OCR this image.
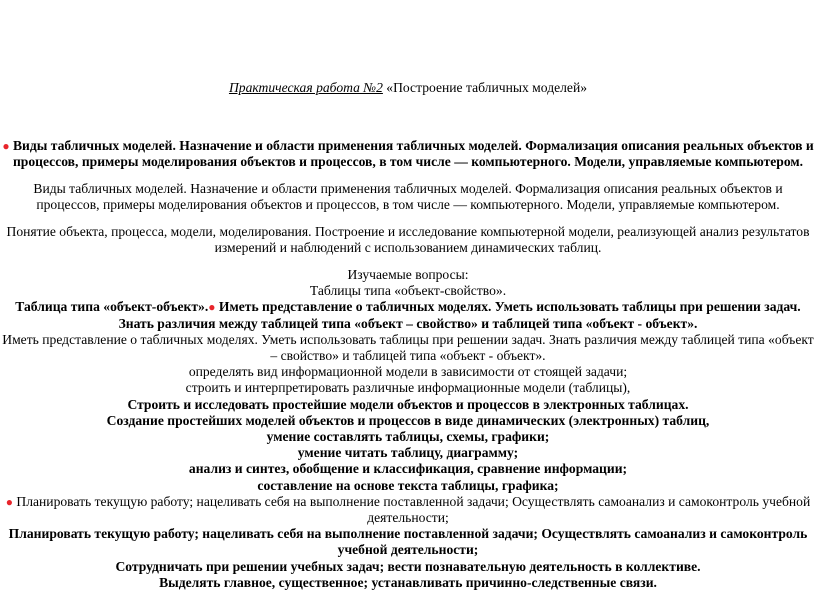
Практическая работа №2 «Построение табличных моделей»
● Виды табличных моделей. Назначение и области применения табличных моделей. Формализация описания реальных объектов и процессов, примеры моделирования объектов и процессов, в том числе — компьютерного. Модели, управляемые компьютером.
Виды табличных моделей. Назначение и области применения табличных моделей. Формализация описания реальных объектов и процессов, примеры моделирования объектов и процессов, в том числе — компьютерного. Модели, управляемые компьютером.
Понятие объекта, процесса, модели, моделирования. Построение и исследование компьютерной модели, реализующей анализ результатов измерений и наблюдений с использованием динамических таблиц.
Изучаемые вопросы:
Таблицы типа «объект-свойство».
Таблица типа «объект-объект».● Иметь представление о табличных моделях. Уметь использовать таблицы при решении задач. Знать различия между таблицей типа «объект – свойство» и таблицей типа «объект - объект».
Иметь представление о табличных моделях. Уметь использовать таблицы при решении задач. Знать различия между таблицей типа «объект – свойство» и таблицей типа «объект - объект».
определять вид информационной модели в зависимости от стоящей задачи;
строить и интерпретировать различные информационные модели (таблицы),
Строить и исследовать простейшие модели объектов и процессов в электронных таблицах.
Создание простейших моделей объектов и процессов в виде динамических (электронных) таблиц,
умение составлять таблицы, схемы, графики;
умение читать таблицу, диаграмму;
анализ и синтез, обобщение и классификация, сравнение информации;
составление на основе текста таблицы, графика;
● Планировать текущую работу; нацеливать себя на выполнение поставленной задачи; Осуществлять самоанализ и самоконтроль учебной деятельности;
Планировать текущую работу; нацеливать себя на выполнение поставленной задачи; Осуществлять самоанализ и самоконтроль учебной деятельности;
Сотрудничать при решении учебных задач; вести познавательную деятельность в коллективе.
Выделять главное, существенное; устанавливать причинно-следственные связи.
